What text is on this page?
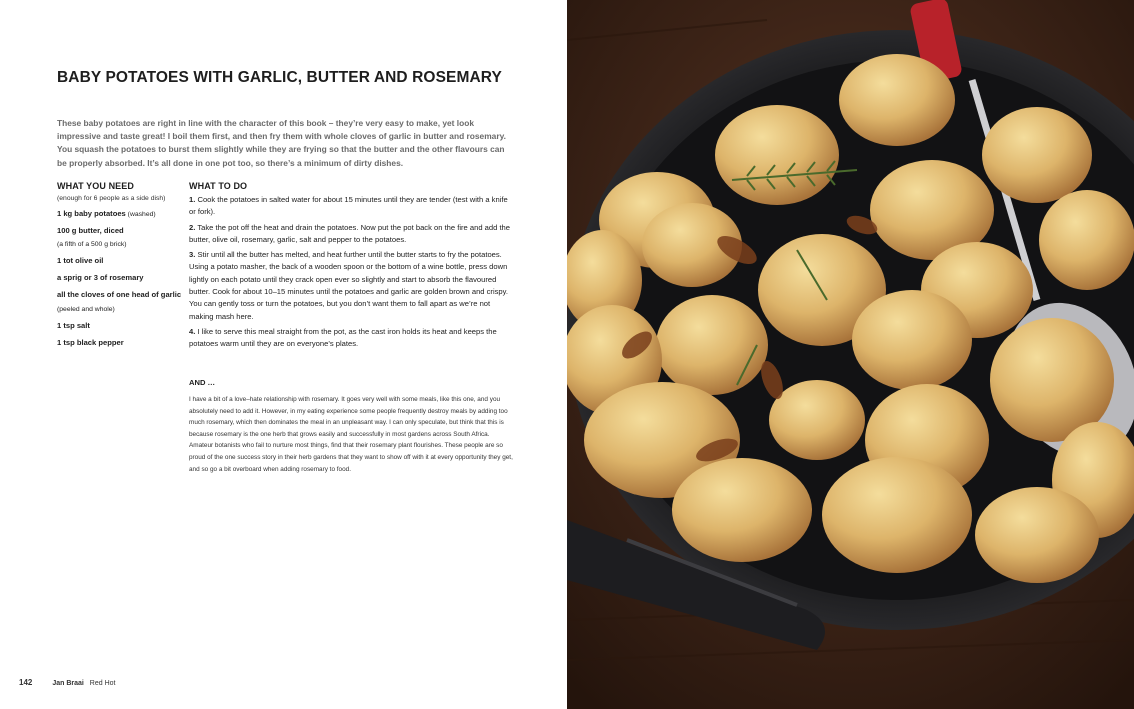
BABY POTATOES WITH GARLIC, BUTTER AND ROSEMARY

These baby potatoes are right in line with the character of this book – they’re very easy to make, yet look impressive and taste great! I boil them first, and then fry them with whole cloves of garlic in butter and rosemary. You squash the potatoes to burst them slightly while they are frying so that the butter and the other flavours can be properly absorbed. It’s all done in one pot too, so there’s a minimum of dirty dishes.

WHAT YOU NEED
(enough for 6 people as a side dish)
1 kg baby potatoes (washed)
100 g butter, diced
(a fifth of a 500 g brick)
1 tot olive oil
a sprig or 3 of rosemary
all the cloves of one head of garlic (peeled and whole)
1 tsp salt
1 tsp black pepper
WHAT TO DO

1. Cook the potatoes in salted water for about 15 minutes until they are tender (test with a knife or fork).

2. Take the pot off the heat and drain the potatoes. Now put the pot back on the fire and add the butter, olive oil, rosemary, garlic, salt and pepper to the potatoes.

3. Stir until all the butter has melted, and heat further until the butter starts to fry the potatoes. Using a potato masher, the back of a wooden spoon or the bottom of a wine bottle, press down lightly on each potato until they crack open ever so slightly and start to absorb the flavoured butter. Cook for about 10–15 minutes until the potatoes and garlic are golden brown and crispy. You can gently toss or turn the potatoes, but you don’t want them to fall apart as we’re not making mash here.

4. I like to serve this meal straight from the pot, as the cast iron holds its heat and keeps the potatoes warm until they are on everyone’s plates.

AND …

I have a bit of a love–hate relationship with rosemary. It goes very well with some meals, like this one, and you absolutely need to add it. However, in my eating experience some people frequently destroy meals by adding too much rosemary, which then dominates the meal in an unpleasant way. I can only speculate, but think that this is because rosemary is the one herb that grows easily and successfully in most gardens across South Africa. Amateur botanists who fail to nurture most things, find that their rosemary plant flourishes. These people are so proud of the one success story in their herb gardens that they want to show off with it at every opportunity they get, and so go a bit overboard when adding rosemary to food.

142	Jan Braai Red Hot
